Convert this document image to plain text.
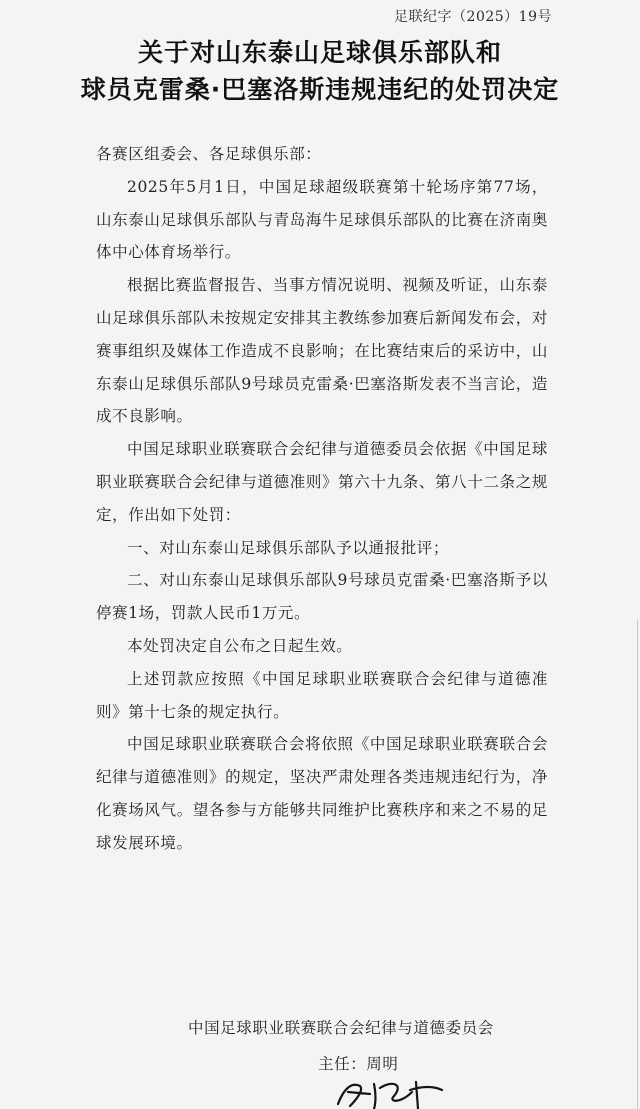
足联纪字（2025）19号
关于对山东泰山足球俱乐部队和
球员克雷桑·巴塞洛斯违规违纪的处罚决定

各赛区组委会、各足球俱乐部：

2025年5月1日，中国足球超级联赛第十轮场序第77场，山东泰山足球俱乐部队与青岛海牛足球俱乐部队的比赛在济南奥体中心体育场举行。

根据比赛监督报告、当事方情况说明、视频及听证，山东泰山足球俱乐部队未按规定安排其主教练参加赛后新闻发布会，对赛事组织及媒体工作造成不良影响；在比赛结束后的采访中，山东泰山足球俱乐部队9号球员克雷桑·巴塞洛斯发表不当言论，造成不良影响。

中国足球职业联赛联合会纪律与道德委员会依据《中国足球职业联赛联合会纪律与道德准则》第六十九条、第八十二条之规定，作出如下处罚：

一、对山东泰山足球俱乐部队予以通报批评；

二、对山东泰山足球俱乐部队9号球员克雷桑·巴塞洛斯予以停赛1场，罚款人民币1万元。

本处罚决定自公布之日起生效。

上述罚款应按照《中国足球职业联赛联合会纪律与道德准则》第十七条的规定执行。

中国足球职业联赛联合会将依照《中国足球职业联赛联合会纪律与道德准则》的规定，坚决严肃处理各类违规违纪行为，净化赛场风气。望各参与方能够共同维护比赛秩序和来之不易的足球发展环境。

中国足球职业联赛联合会纪律与道德委员会
主任：周明
